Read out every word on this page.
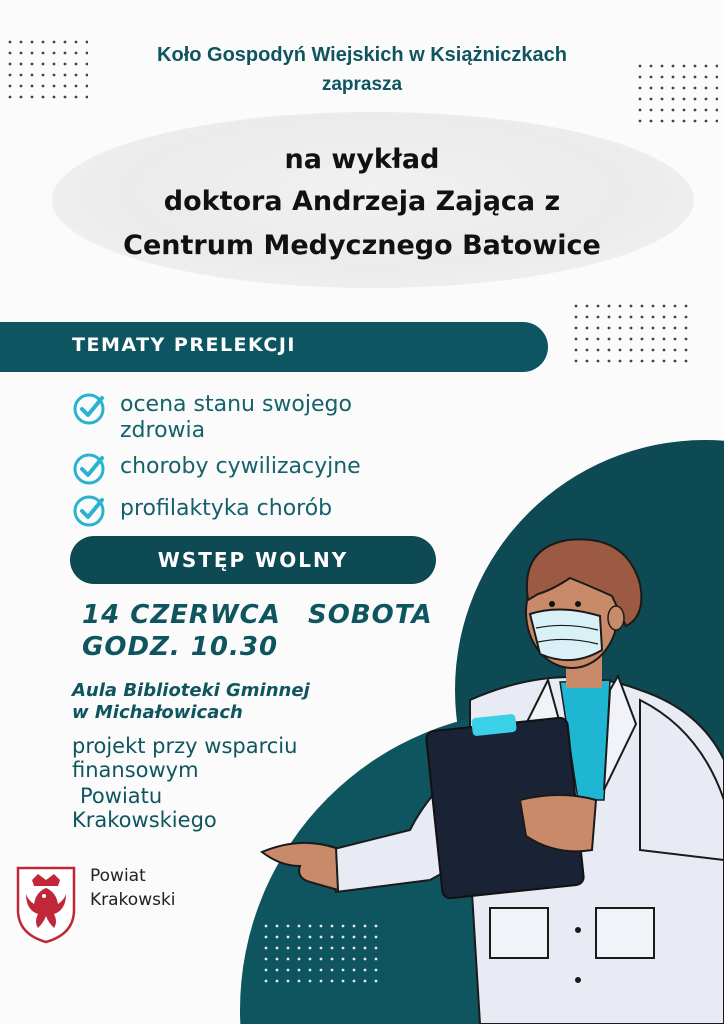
Koło Gospodyń Wiejskich w Książniczkach
zaprasza
na wykład
doktora Andrzeja Zająca z
Centrum Medycznego Batowice
TEMATY PRELEKCJI
ocena stanu swojego
zdrowia
choroby cywilizacyjne
profilaktyka chorób
WSTĘP WOLNY
14 CZERWCA SOBOTA
GODZ. 10.30
Aula Biblioteki Gminnej
w Michałowicach
projekt przy wsparciu
finansowym
Powiatu
Krakowskiego
Powiat
Krakowski
